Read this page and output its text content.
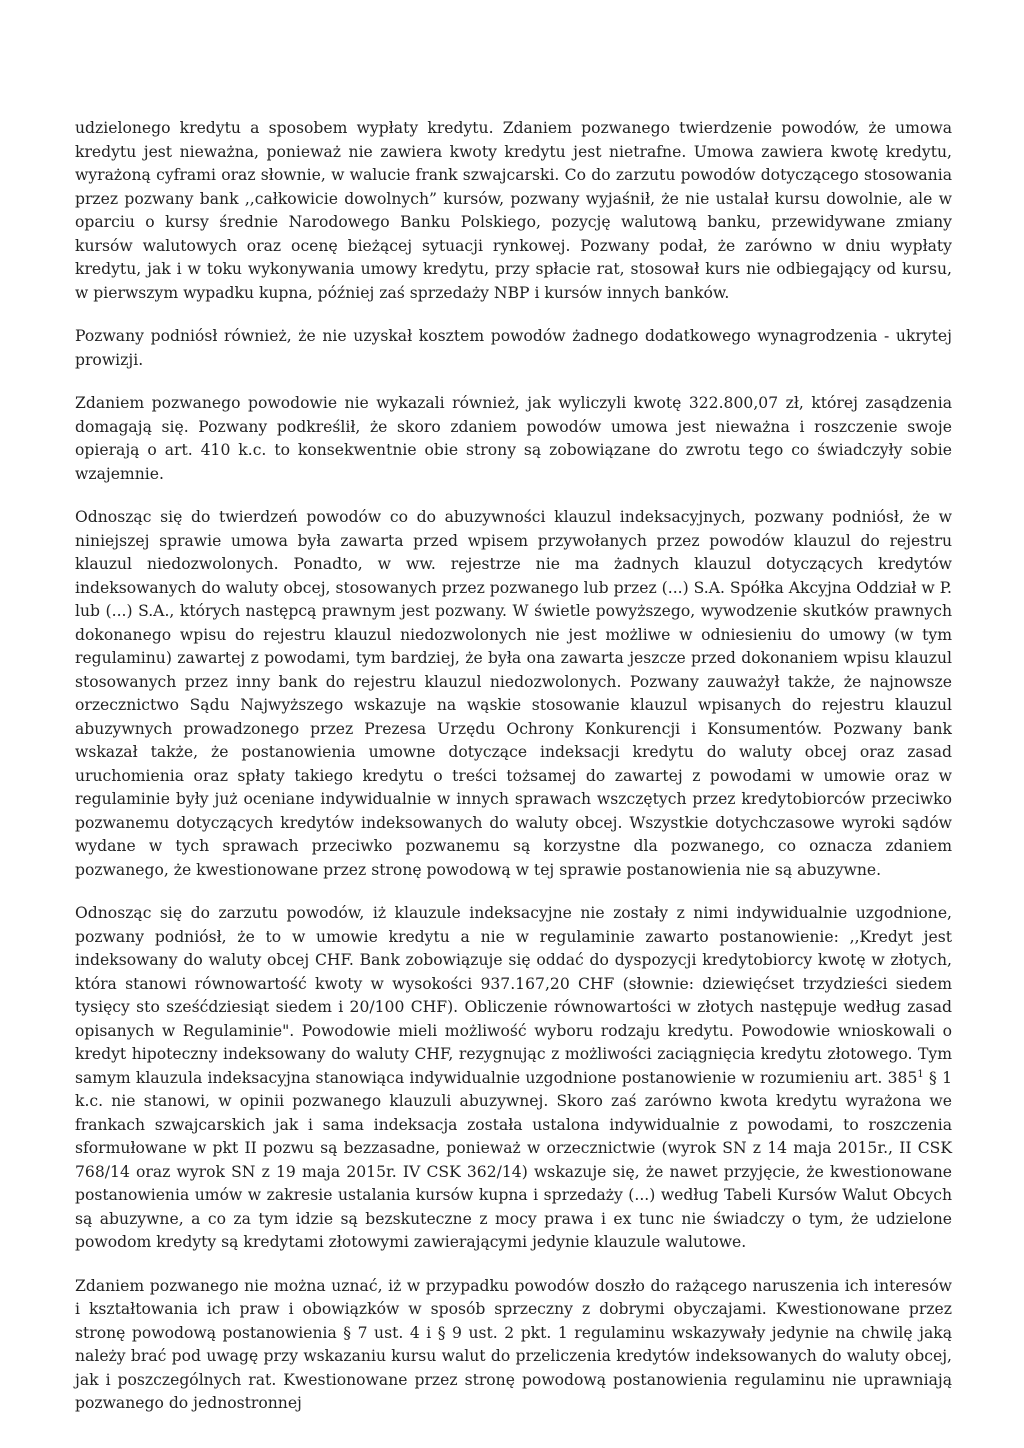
udzielonego kredytu a sposobem wypłaty kredytu. Zdaniem pozwanego twierdzenie powodów, że umowa kredytu jest nieważna, ponieważ nie zawiera kwoty kredytu jest nietrafne. Umowa zawiera kwotę kredytu, wyrażoną cyframi oraz słownie, w walucie frank szwajcarski. Co do zarzutu powodów dotyczącego stosowania przez pozwany bank ,,całkowicie dowolnych” kursów, pozwany wyjaśnił, że nie ustalał kursu dowolnie, ale w oparciu o kursy średnie Narodowego Banku Polskiego, pozycję walutową banku, przewidywane zmiany kursów walutowych oraz ocenę bieżącej sytuacji rynkowej. Pozwany podał, że zarówno w dniu wypłaty kredytu, jak i w toku wykonywania umowy kredytu, przy spłacie rat, stosował kurs nie odbiegający od kursu, w pierwszym wypadku kupna, później zaś sprzedaży NBP i kursów innych banków.

Pozwany podniósł również, że nie uzyskał kosztem powodów żadnego dodatkowego wynagrodzenia - ukrytej prowizji.

Zdaniem pozwanego powodowie nie wykazali również, jak wyliczyli kwotę 322.800,07 zł, której zasądzenia domagają się. Pozwany podkreślił, że skoro zdaniem powodów umowa jest nieważna i roszczenie swoje opierają o art. 410 k.c. to konsekwentnie obie strony są zobowiązane do zwrotu tego co świadczyły sobie wzajemnie.

Odnosząc się do twierdzeń powodów co do abuzywności klauzul indeksacyjnych, pozwany podniósł, że w niniejszej sprawie umowa była zawarta przed wpisem przywołanych przez powodów klauzul do rejestru klauzul niedozwolonych. Ponadto, w ww. rejestrze nie ma żadnych klauzul dotyczących kredytów indeksowanych do waluty obcej, stosowanych przez pozwanego lub przez (...) S.A. Spółka Akcyjna Oddział w P. lub (...) S.A., których następcą prawnym jest pozwany. W świetle powyższego, wywodzenie skutków prawnych dokonanego wpisu do rejestru klauzul niedozwolonych nie jest możliwe w odniesieniu do umowy (w tym regulaminu) zawartej z powodami, tym bardziej, że była ona zawarta jeszcze przed dokonaniem wpisu klauzul stosowanych przez inny bank do rejestru klauzul niedozwolonych. Pozwany zauważył także, że najnowsze orzecznictwo Sądu Najwyższego wskazuje na wąskie stosowanie klauzul wpisanych do rejestru klauzul abuzywnych prowadzonego przez Prezesa Urzędu Ochrony Konkurencji i Konsumentów. Pozwany bank wskazał także, że postanowienia umowne dotyczące indeksacji kredytu do waluty obcej oraz zasad uruchomienia oraz spłaty takiego kredytu o treści tożsamej do zawartej z powodami w umowie oraz w regulaminie były już oceniane indywidualnie w innych sprawach wszczętych przez kredytobiorców przeciwko pozwanemu dotyczących kredytów indeksowanych do waluty obcej. Wszystkie dotychczasowe wyroki sądów wydane w tych sprawach przeciwko pozwanemu są korzystne dla pozwanego, co oznacza zdaniem pozwanego, że kwestionowane przez stronę powodową w tej sprawie postanowienia nie są abuzywne.

Odnosząc się do zarzutu powodów, iż klauzule indeksacyjne nie zostały z nimi indywidualnie uzgodnione, pozwany podniósł, że to w umowie kredytu a nie w regulaminie zawarto postanowienie: ,,Kredyt jest indeksowany do waluty obcej CHF. Bank zobowiązuje się oddać do dyspozycji kredytobiorcy kwotę w złotych, która stanowi równowartość kwoty w wysokości 937.167,20 CHF (słownie: dziewięćset trzydzieści siedem tysięcy sto sześćdziesiąt siedem i 20/100 CHF). Obliczenie równowartości w złotych następuje według zasad opisanych w Regulaminie". Powodowie mieli możliwość wyboru rodzaju kredytu. Powodowie wnioskowali o kredyt hipoteczny indeksowany do waluty CHF, rezygnując z możliwości zaciągnięcia kredytu złotowego. Tym samym klauzula indeksacyjna stanowiąca indywidualnie uzgodnione postanowienie w rozumieniu art. $385^1$ § 1 k.c. nie stanowi, w opinii pozwanego klauzuli abuzywnej. Skoro zaś zarówno kwota kredytu wyrażona we frankach szwajcarskich jak i sama indeksacja została ustalona indywidualnie z powodami, to roszczenia sformułowane w pkt II pozwu są bezzasadne, ponieważ w orzecznictwie (wyrok SN z 14 maja 2015r., II CSK 768/14 oraz wyrok SN z 19 maja 2015r. IV CSK 362/14) wskazuje się, że nawet przyjęcie, że kwestionowane postanowienia umów w zakresie ustalania kursów kupna i sprzedaży (...) według Tabeli Kursów Walut Obcych są abuzywne, a co za tym idzie są bezskuteczne z mocy prawa i ex tunc nie świadczy o tym, że udzielone powodom kredyty są kredytami złotowymi zawierającymi jedynie klauzule walutowe.

Zdaniem pozwanego nie można uznać, iż w przypadku powodów doszło do rażącego naruszenia ich interesów i kształtowania ich praw i obowiązków w sposób sprzeczny z dobrymi obyczajami. Kwestionowane przez stronę powodową postanowienia § 7 ust. 4 i § 9 ust. 2 pkt. 1 regulaminu wskazywały jedynie na chwilę jaką należy brać pod uwagę przy wskazaniu kursu walut do przeliczenia kredytów indeksowanych do waluty obcej, jak i poszczególnych rat. Kwestionowane przez stronę powodową postanowienia regulaminu nie uprawniają pozwanego do jednostronnej
